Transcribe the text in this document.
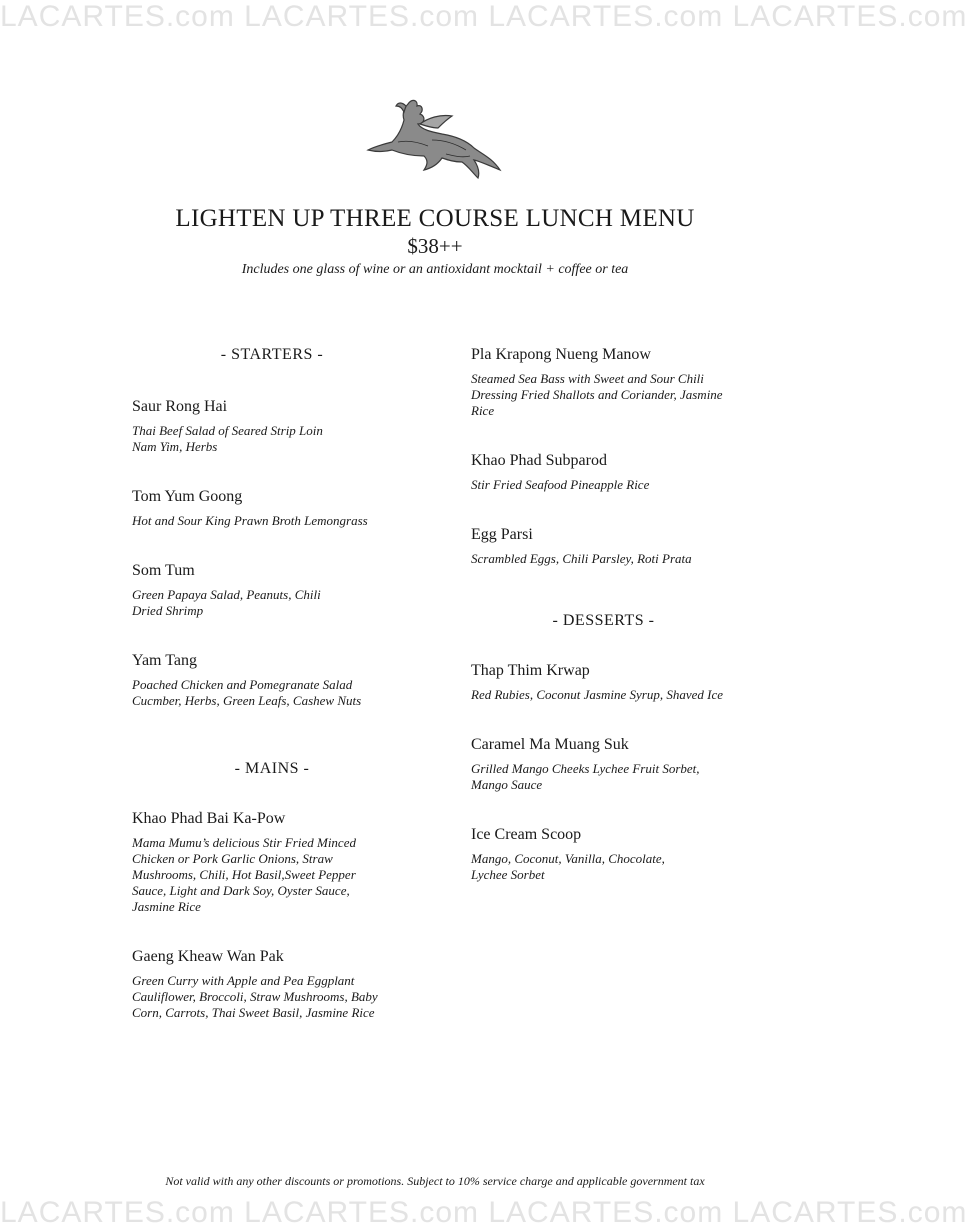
LACARTES.com LACARTES.com LACARTES.com LACARTES.com
LIGHTEN UP THREE COURSE LUNCH MENU
$38++
Includes one glass of wine or an antioxidant mocktail + coffee or tea
- STARTERS -
Saur Rong Hai
Thai Beef Salad of Seared Strip Loin Nam Yim, Herbs
Tom Yum Goong
Hot and Sour King Prawn Broth Lemongrass
Som Tum
Green Papaya Salad, Peanuts, Chili Dried Shrimp
Yam Tang
Poached Chicken and Pomegranate Salad Cucmber, Herbs, Green Leafs, Cashew Nuts
- MAINS -
Khao Phad Bai Ka-Pow
Mama Mumu’s delicious Stir Fried Minced Chicken or Pork Garlic Onions, Straw Mushrooms, Chili, Hot Basil,Sweet Pepper Sauce, Light and Dark Soy, Oyster Sauce, Jasmine Rice
Gaeng Kheaw Wan Pak
Green Curry with Apple and Pea Eggplant Cauliflower, Broccoli, Straw Mushrooms, Baby Corn, Carrots, Thai Sweet Basil, Jasmine Rice
Pla Krapong Nueng Manow
Steamed Sea Bass with Sweet and Sour Chili Dressing Fried Shallots and Coriander, Jasmine Rice
Khao Phad Subparod
Stir Fried Seafood Pineapple Rice
Egg Parsi
Scrambled Eggs, Chili Parsley, Roti Prata
- DESSERTS -
Thap Thim Krwap
Red Rubies, Coconut Jasmine Syrup, Shaved Ice
Caramel Ma Muang Suk
Grilled Mango Cheeks Lychee Fruit Sorbet, Mango Sauce
Ice Cream Scoop
Mango, Coconut, Vanilla, Chocolate, Lychee Sorbet
Not valid with any other discounts or promotions. Subject to 10% service charge and applicable government tax
LACARTES.com LACARTES.com LACARTES.com LACARTES.com
